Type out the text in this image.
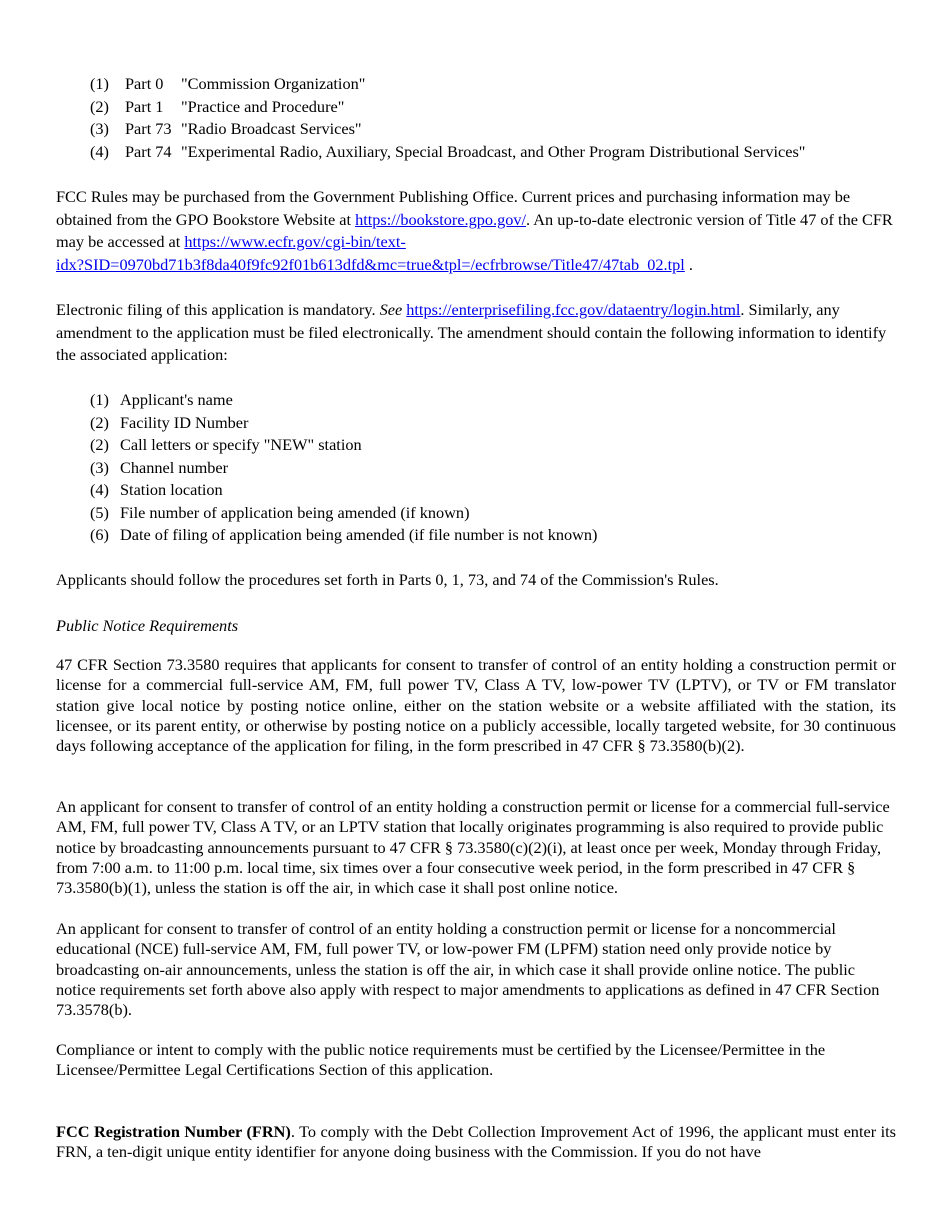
(1) Part 0 "Commission Organization"
(2) Part 1 "Practice and Procedure"
(3) Part 73 "Radio Broadcast Services"
(4) Part 74 "Experimental Radio, Auxiliary, Special Broadcast, and Other Program Distributional Services"

FCC Rules may be purchased from the Government Publishing Office. Current prices and purchasing information may be obtained from the GPO Bookstore Website at https://bookstore.gpo.gov/. An up-to-date electronic version of Title 47 of the CFR may be accessed at https://www.ecfr.gov/cgi-bin/text-
idx?SID=0970bd71b3f8da40f9fc92f01b613dfd&mc=true&tpl=/ecfrbrowse/Title47/47tab_02.tpl .

Electronic filing of this application is mandatory. See https://enterprisefiling.fcc.gov/dataentry/login.html. Similarly, any amendment to the application must be filed electronically. The amendment should contain the following information to identify the associated application:

(1) Applicant's name
(2) Facility ID Number
(2) Call letters or specify "NEW" station
(3) Channel number
(4) Station location
(5) File number of application being amended (if known)
(6) Date of filing of application being amended (if file number is not known)

Applicants should follow the procedures set forth in Parts 0, 1, 73, and 74 of the Commission's Rules.

Public Notice Requirements

47 CFR Section 73.3580 requires that applicants for consent to transfer of control of an entity holding a construction permit or license for a commercial full-service AM, FM, full power TV, Class A TV, low-power TV (LPTV), or TV or FM translator station give local notice by posting notice online, either on the station website or a website affiliated with the station, its licensee, or its parent entity, or otherwise by posting notice on a publicly accessible, locally targeted website, for 30 continuous days following acceptance of the application for filing, in the form prescribed in 47 CFR § 73.3580(b)(2).

An applicant for consent to transfer of control of an entity holding a construction permit or license for a commercial full-service AM, FM, full power TV, Class A TV, or an LPTV station that locally originates programming is also required to provide public notice by broadcasting announcements pursuant to 47 CFR § 73.3580(c)(2)(i), at least once per week, Monday through Friday, from 7:00 a.m. to 11:00 p.m. local time, six times over a four consecutive week period, in the form prescribed in 47 CFR § 73.3580(b)(1), unless the station is off the air, in which case it shall post online notice.

An applicant for consent to transfer of control of an entity holding a construction permit or license for a noncommercial educational (NCE) full-service AM, FM, full power TV, or low-power FM (LPFM) station need only provide notice by broadcasting on-air announcements, unless the station is off the air, in which case it shall provide online notice. The public notice requirements set forth above also apply with respect to major amendments to applications as defined in 47 CFR Section 73.3578(b).

Compliance or intent to comply with the public notice requirements must be certified by the Licensee/Permittee in the Licensee/Permittee Legal Certifications Section of this application.

FCC Registration Number (FRN). To comply with the Debt Collection Improvement Act of 1996, the applicant must enter its FRN, a ten-digit unique entity identifier for anyone doing business with the Commission. If you do not have
